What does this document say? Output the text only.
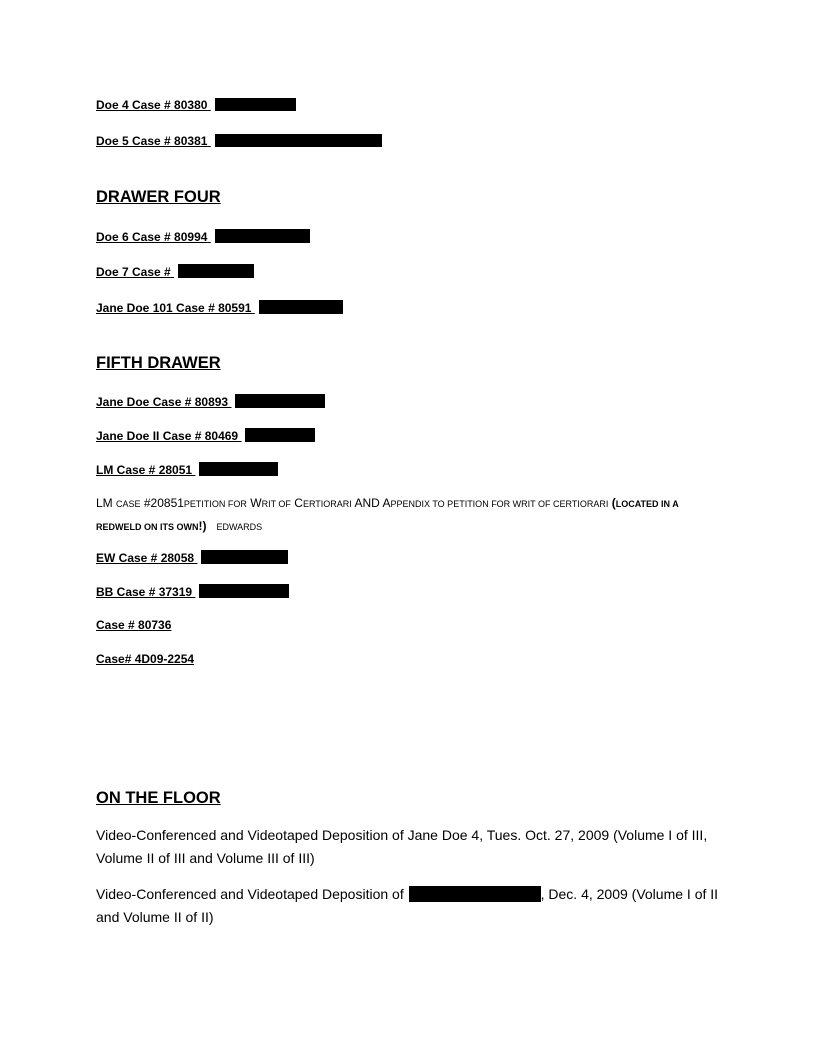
Doe 4 Case # 80380
Doe 5 Case # 80381
DRAWER FOUR
Doe 6 Case # 80994
Doe 7 Case #
Jane Doe 101 Case # 80591
FIFTH DRAWER
Jane Doe Case # 80893
Jane Doe II Case # 80469
LM Case # 28051
LM CASE #20851PETITION FOR WRIT OF CERTIORARI AND APPENDIX TO PETITION FOR WRIT OF CERTIORARI (LOCATED IN A REDWELD ON ITS OWN!) EDWARDS
EW Case # 28058
BB Case # 37319
Case # 80736
Case# 4D09-2254
ON THE FLOOR
Video-Conferenced and Videotaped Deposition of Jane Doe 4, Tues. Oct. 27, 2009 (Volume I of III, Volume II of III and Volume III of III)
Video-Conferenced and Videotaped Deposition of	, Dec. 4, 2009 (Volume I of II and Volume II of II)
